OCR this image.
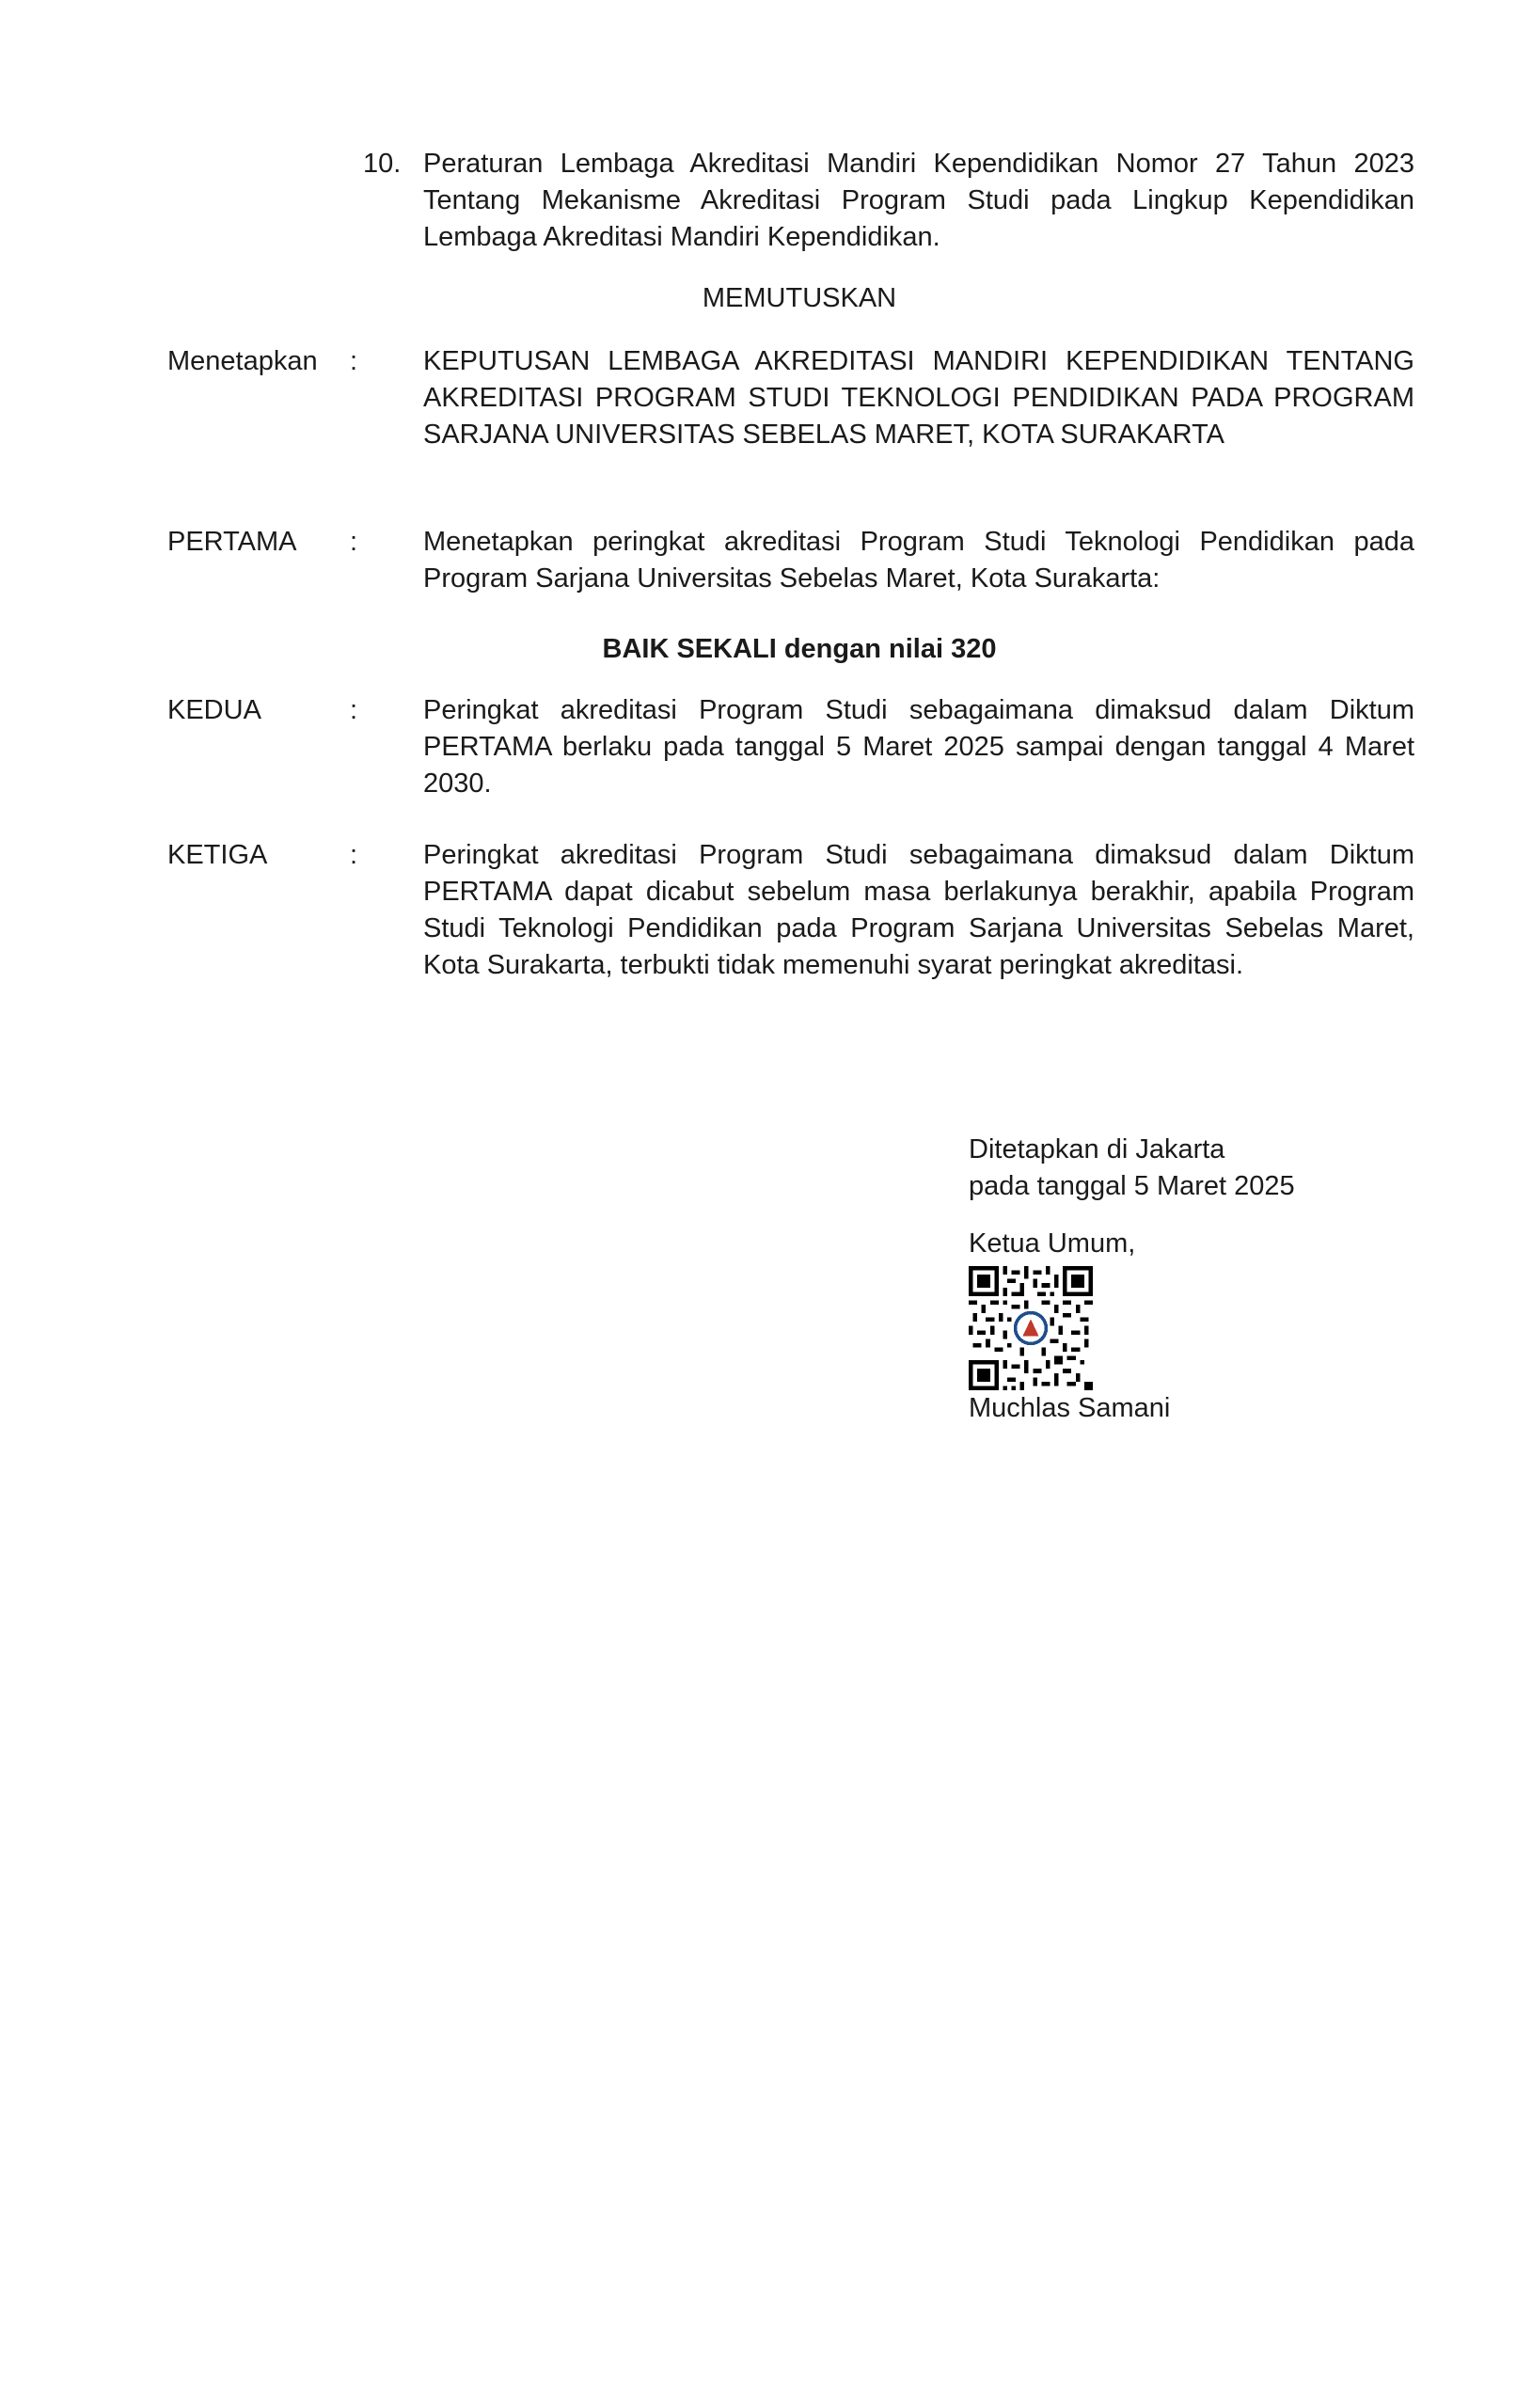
10. Peraturan Lembaga Akreditasi Mandiri Kependidikan Nomor 27 Tahun 2023 Tentang Mekanisme Akreditasi Program Studi pada Lingkup Kependidikan Lembaga Akreditasi Mandiri Kependidikan.
MEMUTUSKAN
Menetapkan	:	KEPUTUSAN LEMBAGA AKREDITASI MANDIRI KEPENDIDIKAN TENTANG AKREDITASI PROGRAM STUDI TEKNOLOGI PENDIDIKAN PADA PROGRAM SARJANA UNIVERSITAS SEBELAS MARET, KOTA SURAKARTA
PERTAMA	:	Menetapkan peringkat akreditasi Program Studi Teknologi Pendidikan pada Program Sarjana Universitas Sebelas Maret, Kota Surakarta:
BAIK SEKALI dengan nilai 320
KEDUA	:	Peringkat akreditasi Program Studi sebagaimana dimaksud dalam Diktum PERTAMA berlaku pada tanggal 5 Maret 2025 sampai dengan tanggal 4 Maret 2030.
KETIGA	:	Peringkat akreditasi Program Studi sebagaimana dimaksud dalam Diktum PERTAMA dapat dicabut sebelum masa berlakunya berakhir, apabila Program Studi Teknologi Pendidikan pada Program Sarjana Universitas Sebelas Maret, Kota Surakarta, terbukti tidak memenuhi syarat peringkat akreditasi.
Ditetapkan di Jakarta
pada tanggal 5 Maret 2025
Ketua Umum,
Muchlas Samani
